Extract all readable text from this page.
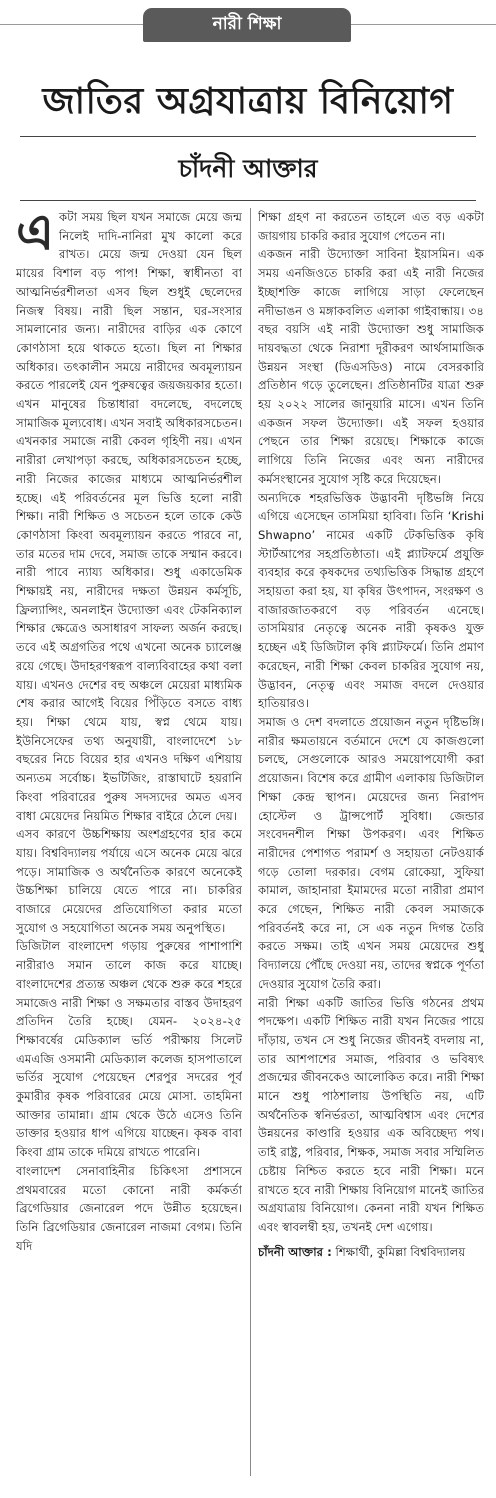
নারী শিক্ষা
জাতির অগ্রযাত্রায় বিনিয়োগ
চাঁদনী আক্তার

একটা সময় ছিল যখন সমাজে মেয়ে জন্ম নিলেই দাদি-নানিরা মুখ কালো করে রাখত। মেয়ে জন্ম দেওয়া যেন ছিল মায়ের বিশাল বড় পাপ! শিক্ষা, স্বাধীনতা বা আত্মনির্ভরশীলতা এসব ছিল শুধুই ছেলেদের নিজস্ব বিষয়। নারী ছিল সন্তান, ঘর-সংসার সামলানোর জন্য। নারীদের বাড়ির এক কোণে কোণঠাসা হয়ে থাকতে হতো। ছিল না শিক্ষার অধিকার। তৎকালীন সময়ে নারীদের অবমূল্যায়ন করতে পারলেই যেন পুরুষত্বের জয়জয়কার হতো। এখন মানুষের চিন্তাধারা বদলেছে, বদলেছে সামাজিক মূল্যবোধ। এখন সবাই অধিকারসচেতন। এখনকার সমাজে নারী কেবল গৃহিণী নয়। এখন নারীরা লেখাপড়া করছে, অধিকারসচেতন হচ্ছে, নারী নিজের কাজের মাধ্যমে আত্মনির্ভরশীল হচ্ছে। এই পরিবর্তনের মূল ভিত্তি হলো নারী শিক্ষা। নারী শিক্ষিত ও সচেতন হলে তাকে কেউ কোণঠাসা কিংবা অবমূল্যায়ন করতে পারবে না, তার মতের দাম দেবে, সমাজ তাকে সম্মান করবে। নারী পাবে ন্যায্য অধিকার। শুধু একাডেমিক শিক্ষায়ই নয়, নারীদের দক্ষতা উন্নয়ন কর্মসূচি, ফ্রিল্যান্সিং, অনলাইন উদ্যোক্তা এবং টেকনিক্যাল শিক্ষার ক্ষেত্রেও অসাধারণ সাফল্য অর্জন করছে। তবে এই অগ্রগতির পথে এখনো অনেক চ্যালেঞ্জ রয়ে গেছে। উদাহরণস্বরূপ বাল্যবিবাহের কথা বলা যায়। এখনও দেশের বহু অঞ্চলে মেয়েরা মাধ্যমিক শেষ করার আগেই বিয়ের পিঁড়িতে বসতে বাধ্য হয়। শিক্ষা থেমে যায়, স্বপ্ন থেমে যায়। ইউনিসেফের তথ্য অনুযায়ী, বাংলাদেশে ১৮ বছরের নিচে বিয়ের হার এখনও দক্ষিণ এশিয়ায় অন্যতম সর্বোচ্চ। ইভটিজিং, রাস্তাঘাটে হয়রানি কিংবা পরিবারের পুরুষ সদস্যদের অমত এসব বাধা মেয়েদের নিয়মিত শিক্ষার বাইরে ঠেলে দেয়।

এসব কারণে উচ্চশিক্ষায় অংশগ্রহণের হার কমে যায়। বিশ্ববিদ্যালয় পর্যায়ে এসে অনেক মেয়ে ঝরে পড়ে। সামাজিক ও অর্থনৈতিক কারণে অনেকেই উচ্চশিক্ষা চালিয়ে যেতে পারে না। চাকরির বাজারে মেয়েদের প্রতিযোগিতা করার মতো সুযোগ ও সহযোগিতা অনেক সময় অনুপস্থিত।

ডিজিটাল বাংলাদেশ গড়ায় পুরুষের পাশাপাশি নারীরাও সমান তালে কাজ করে যাচ্ছে। বাংলাদেশের প্রত্যন্ত অঞ্চল থেকে শুরু করে শহরে সমাজেও নারী শিক্ষা ও সক্ষমতার বাস্তব উদাহরণ প্রতিদিন তৈরি হচ্ছে। যেমন- ২০২৪-২৫ শিক্ষাবর্ষের মেডিক্যাল ভর্তি পরীক্ষায় সিলেট এমএজি ওসমানী মেডিক্যাল কলেজ হাসপাতালে ভর্তির সুযোগ পেয়েছেন শেরপুর সদরের পূর্ব কুমারীর কৃষক পরিবারের মেয়ে মোসা. তাহমিনা আক্তার তামান্না। গ্রাম থেকে উঠে এসেও তিনি ডাক্তার হওয়ার ধাপ এগিয়ে যাচ্ছেন। কৃষক বাবা কিংবা গ্রাম তাকে দমিয়ে রাখতে পারেনি।

বাংলাদেশ সেনাবাহিনীর চিকিৎসা প্রশাসনে প্রথমবারের মতো কোনো নারী কর্মকর্তা ব্রিগেডিয়ার জেনারেল পদে উন্নীত হয়েছেন। তিনি ব্রিগেডিয়ার জেনারেল নাজমা বেগম। তিনি যদি

শিক্ষা গ্রহণ না করতেন তাহলে এত বড় একটা জায়গায় চাকরি করার সুযোগ পেতেন না।

একজন নারী উদ্যোক্তা সাবিনা ইয়াসমিন। এক সময় এনজিওতে চাকরি করা এই নারী নিজের ইচ্ছাশক্তি কাজে লাগিয়ে সাড়া ফেলেছেন নদীভাঙন ও মঙ্গাকবলিত এলাকা গাইবান্ধায়। ৩৪ বছর বয়সি এই নারী উদ্যোক্তা শুধু সামাজিক দায়বদ্ধতা থেকে নিরাশা দূরীকরণ আর্থসামাজিক উন্নয়ন সংস্থা (ডিএসডিও) নামে বেসরকারি প্রতিষ্ঠান গড়ে তুলেছেন। প্রতিষ্ঠানটির যাত্রা শুরু হয় ২০২২ সালের জানুয়ারি মাসে। এখন তিনি একজন সফল উদ্যোক্তা। এই সফল হওয়ার পেছনে তার শিক্ষা রয়েছে। শিক্ষাকে কাজে লাগিয়ে তিনি নিজের এবং অন্য নারীদের কর্মসংস্থানের সুযোগ সৃষ্টি করে দিয়েছেন।

অন্যদিকে শহরভিত্তিক উদ্ভাবনী দৃষ্টিভঙ্গি নিয়ে এগিয়ে এসেছেন তাসমিয়া হাবিবা। তিনি ‘Krishi Shwapno’ নামের একটি টেকভিত্তিক কৃষি স্টার্টআপের সহপ্রতিষ্ঠাতা। এই প্ল্যাটফর্মে প্রযুক্তি ব্যবহার করে কৃষকদের তথ্যভিত্তিক সিদ্ধান্ত গ্রহণে সহায়তা করা হয়, যা কৃষির উৎপাদন, সংরক্ষণ ও বাজারজাতকরণে বড় পরিবর্তন এনেছে। তাসমিয়ার নেতৃত্বে অনেক নারী কৃষকও যুক্ত হচ্ছেন এই ডিজিটাল কৃষি প্ল্যাটফর্মে। তিনি প্রমাণ করেছেন, নারী শিক্ষা কেবল চাকরির সুযোগ নয়, উদ্ভাবন, নেতৃত্ব এবং সমাজ বদলে দেওয়ার হাতিয়ারও।

সমাজ ও দেশ বদলাতে প্রয়োজন নতুন দৃষ্টিভঙ্গি। নারীর ক্ষমতায়নে বর্তমানে দেশে যে কাজগুলো চলছে, সেগুলোকে আরও সময়োপযোগী করা প্রয়োজন। বিশেষ করে গ্রামীণ এলাকায় ডিজিটাল শিক্ষা কেন্দ্র স্থাপন। মেয়েদের জন্য নিরাপদ হোস্টেল ও ট্রান্সপোর্ট সুবিধা। জেন্ডার সংবেদনশীল শিক্ষা উপকরণ। এবং শিক্ষিত নারীদের পেশাগত পরামর্শ ও সহায়তা নেটওয়ার্ক গড়ে তোলা দরকার। বেগম রোকেয়া, সুফিয়া কামাল, জাহানারা ইমামদের মতো নারীরা প্রমাণ করে গেছেন, শিক্ষিত নারী কেবল সমাজকে পরিবর্তনই করে না, সে এক নতুন দিগন্ত তৈরি করতে সক্ষম। তাই এখন সময় মেয়েদের শুধু বিদ্যালয়ে পৌঁছে দেওয়া নয়, তাদের স্বপ্নকে পূর্ণতা দেওয়ার সুযোগ তৈরি করা।

নারী শিক্ষা একটি জাতির ভিত্তি গঠনের প্রথম পদক্ষেপ। একটি শিক্ষিত নারী যখন নিজের পায়ে দাঁড়ায়, তখন সে শুধু নিজের জীবনই বদলায় না, তার আশপাশের সমাজ, পরিবার ও ভবিষ্যৎ প্রজন্মের জীবনকেও আলোকিত করে। নারী শিক্ষা মানে শুধু পাঠশালায় উপস্থিতি নয়, এটি অর্থনৈতিক স্বনির্ভরতা, আত্মবিশ্বাস এবং দেশের উন্নয়নের কাণ্ডারি হওয়ার এক অবিচ্ছেদ্য পথ। তাই রাষ্ট্র, পরিবার, শিক্ষক, সমাজ সবার সম্মিলিত চেষ্টায় নিশ্চিত করতে হবে নারী শিক্ষা। মনে রাখতে হবে নারী শিক্ষায় বিনিয়োগ মানেই জাতির অগ্রযাত্রায় বিনিয়োগ। কেননা নারী যখন শিক্ষিত এবং স্বাবলম্বী হয়, তখনই দেশ এগোয়।

চাঁদনী আক্তার : শিক্ষার্থী, কুমিল্লা বিশ্ববিদ্যালয়
